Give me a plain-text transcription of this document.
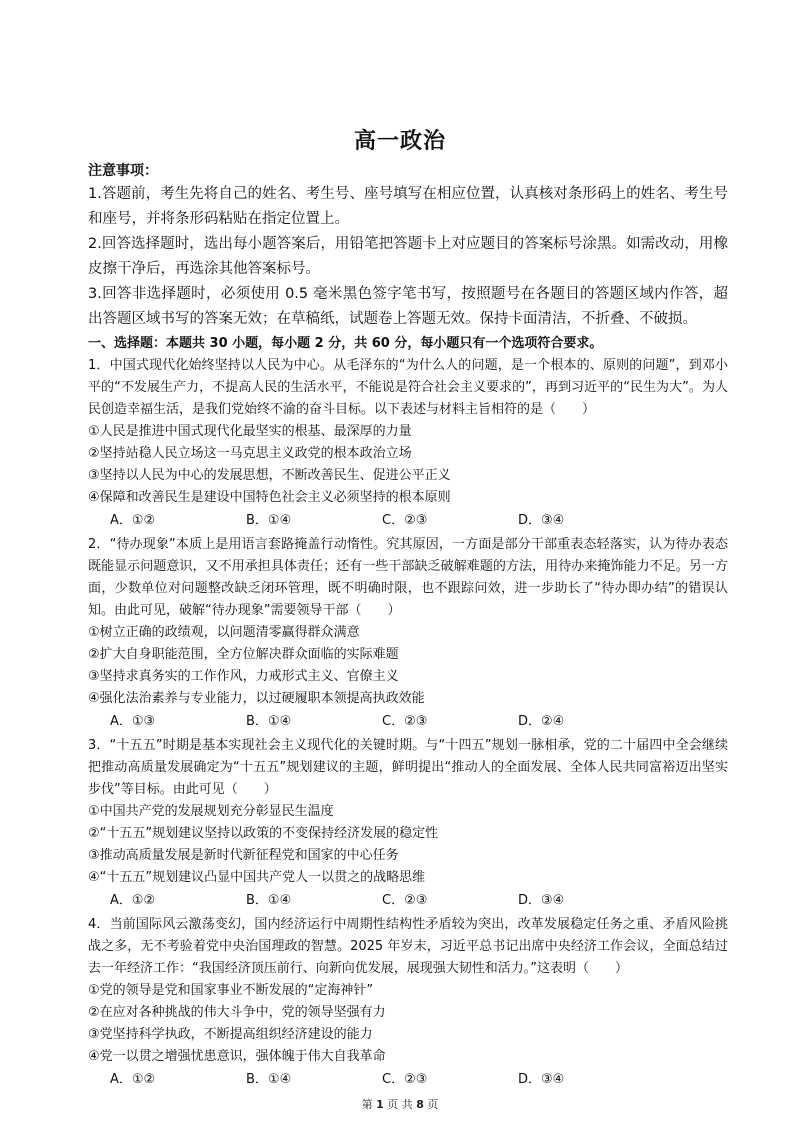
高一政治
注意事项：

1.答题前，考生先将自己的姓名、考生号、座号填写在相应位置，认真核对条形码上的姓名、考生号和座号，并将条形码粘贴在指定位置上。

2.回答选择题时，选出每小题答案后，用铅笔把答题卡上对应题目的答案标号涂黑。如需改动，用橡皮擦干净后，再选涂其他答案标号。

3.回答非选择题时，必须使用 0.5 毫米黑色签字笔书写，按照题号在各题目的答题区域内作答，超出答题区域书写的答案无效；在草稿纸，试题卷上答题无效。保持卡面清洁，不折叠、不破损。

一、选择题：本题共 30 小题，每小题 2 分，共 60 分，每小题只有一个选项符合要求。

1．中国式现代化始终坚持以人民为中心。从毛泽东的“为什么人的问题，是一个根本的、原则的问题”，到邓小平的“不发展生产力，不提高人民的生活水平，不能说是符合社会主义要求的”，再到习近平的“民生为大”。为人民创造幸福生活，是我们党始终不渝的奋斗目标。以下表述与材料主旨相符的是（　　）

①人民是推进中国式现代化最坚实的根基、最深厚的力量

②坚持站稳人民立场这一马克思主义政党的根本政治立场

③坚持以人民为中心的发展思想，不断改善民生、促进公平正义

④保障和改善民生是建设中国特色社会主义必须坚持的根本原则

A．①②	B．①④	C．②③	D．③④

2．“待办现象”本质上是用语言套路掩盖行动惰性。究其原因，一方面是部分干部重表态轻落实，认为待办表态既能显示问题意识，又不用承担具体责任；还有一些干部缺乏破解难题的方法，用待办来掩饰能力不足。另一方面，少数单位对问题整改缺乏闭环管理，既不明确时限，也不跟踪问效，进一步助长了“待办即办结”的错误认知。由此可见，破解“待办现象”需要领导干部（　　）

①树立正确的政绩观，以问题清零赢得群众满意

②扩大自身职能范围，全方位解决群众面临的实际难题

③坚持求真务实的工作作风，力戒形式主义、官僚主义

④强化法治素养与专业能力，以过硬履职本领提高执政效能

A．①③	B．①④	C．②③	D．②④

3．“十五五”时期是基本实现社会主义现代化的关键时期。与“十四五”规划一脉相承，党的二十届四中全会继续把推动高质量发展确定为“十五五”规划建议的主题，鲜明提出“推动人的全面发展、全体人民共同富裕迈出坚实步伐”等目标。由此可见（　　）

①中国共产党的发展规划充分彰显民生温度

②“十五五”规划建议坚持以政策的不变保持经济发展的稳定性

③推动高质量发展是新时代新征程党和国家的中心任务

④“十五五”规划建议凸显中国共产党人一以贯之的战略思维

A．①②	B．①④	C．②③	D．③④

4．当前国际风云激荡变幻，国内经济运行中周期性结构性矛盾较为突出，改革发展稳定任务之重、矛盾风险挑战之多，无不考验着党中央治国理政的智慧。2025 年岁末，习近平总书记出席中央经济工作会议，全面总结过去一年经济工作：“我国经济顶压前行、向新向优发展，展现强大韧性和活力。”这表明（　　）

①党的领导是党和国家事业不断发展的“定海神针”

②在应对各种挑战的伟大斗争中，党的领导坚强有力

③党坚持科学执政，不断提高组织经济建设的能力

④党一以贯之增强忧患意识，强体魄于伟大自我革命

A．①②	B．①④	C．②③	D．③④
第 1 页 共 8 页
